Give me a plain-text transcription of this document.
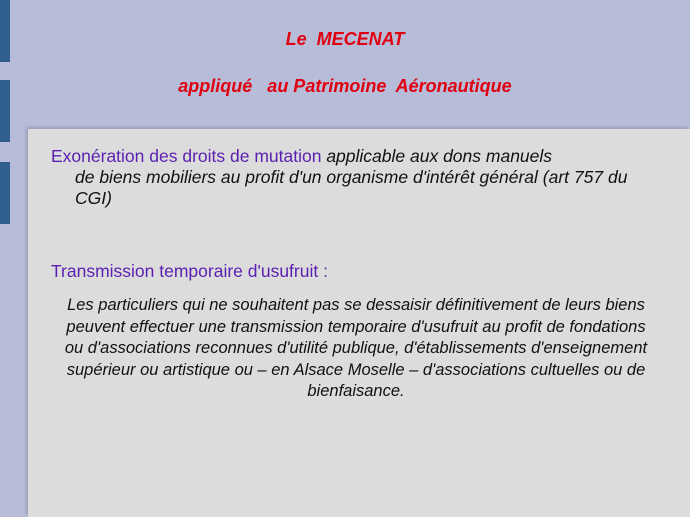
Le  MECENAT
appliqué   au Patrimoine  Aéronautique
Exonération des droits de mutation applicable aux dons manuels
de biens mobiliers au profit d'un organisme d'intérêt général (art 757 du CGI)
Transmission temporaire d'usufruit :
Les particuliers qui ne souhaitent pas se dessaisir définitivement de leurs biens peuvent effectuer une transmission temporaire d'usufruit au profit de fondations ou d'associations reconnues d'utilité publique, d'établissements d'enseignement supérieur ou artistique ou – en Alsace Moselle – d'associations cultuelles ou de bienfaisance.
